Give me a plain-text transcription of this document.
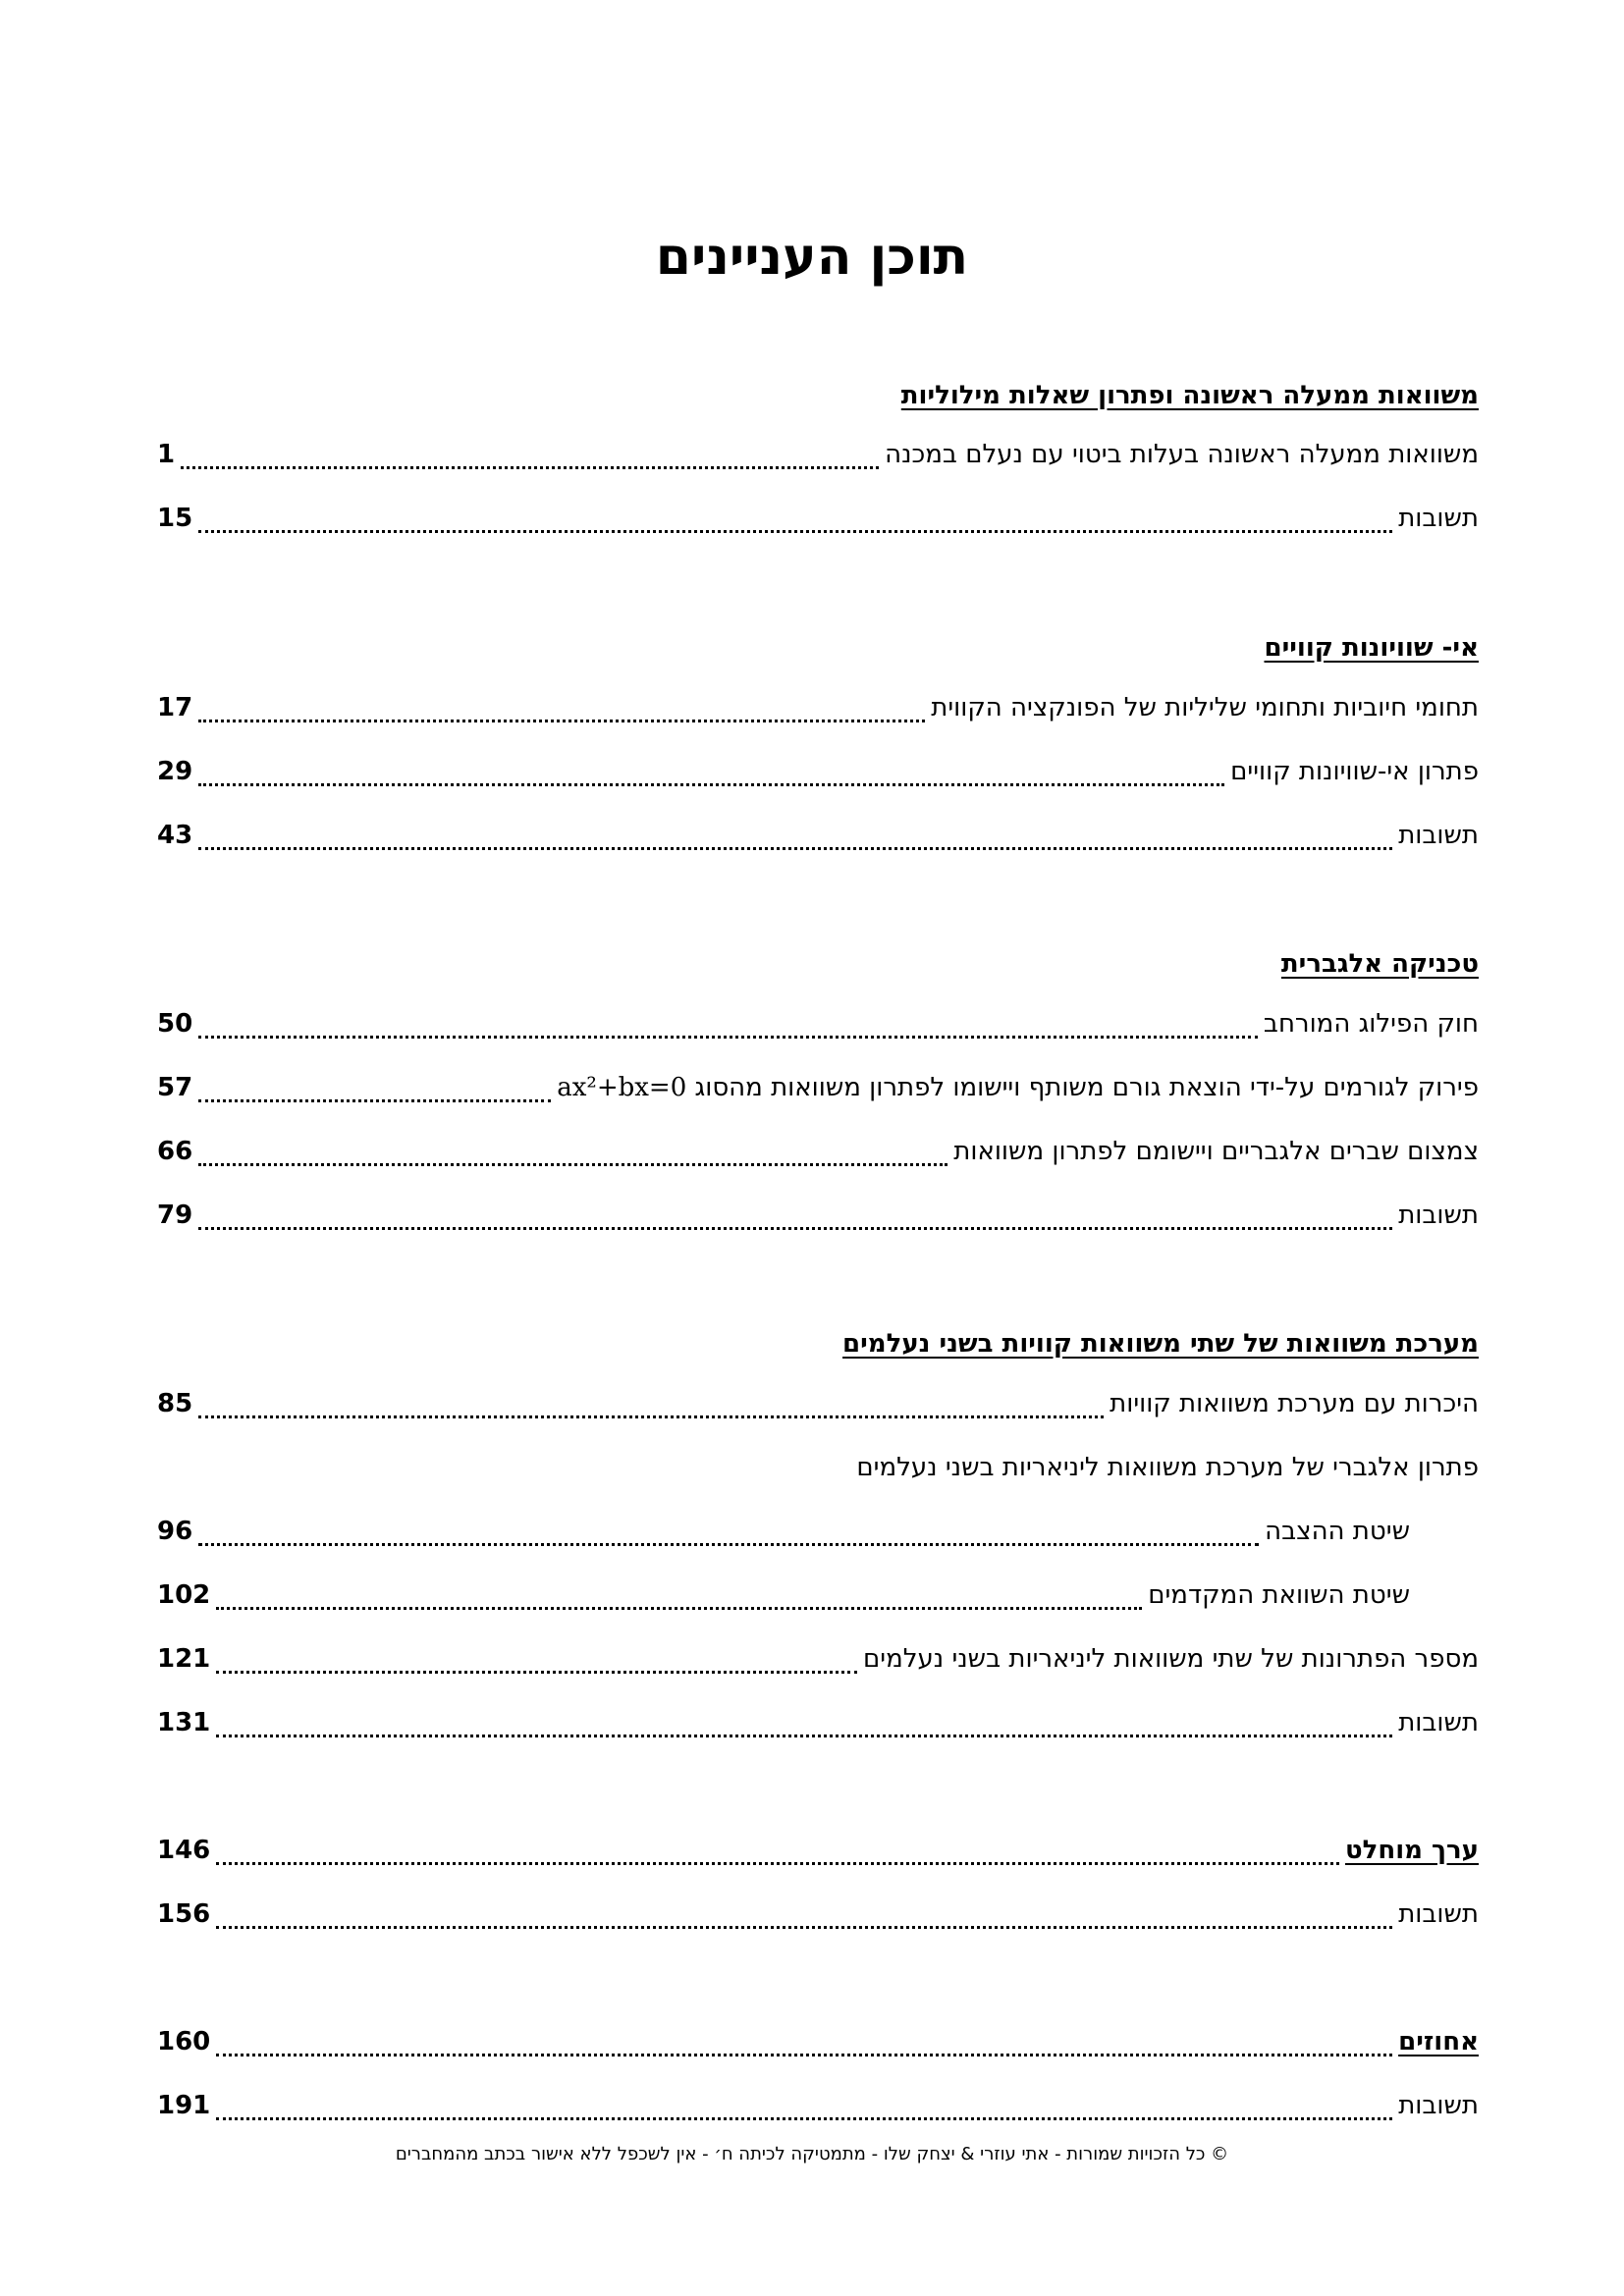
תוכן העניינים
משוואות ממעלה ראשונה ופתרון שאלות מילוליות
משוואות ממעלה ראשונה בעלות ביטוי עם נעלם במכנה
1
תשובות
15
אי- שוויונות קוויים
תחומי חיוביות ותחומי שליליות של הפונקציה הקווית
17
פתרון אי-שוויונות קוויים
29
תשובות
43
טכניקה אלגברית
חוק הפילוג המורחב
50
פירוק לגורמים על-ידי הוצאת גורם משותף ויישומו לפתרון משוואות מהסוג ax²+bx=0
57
צמצום שברים אלגבריים ויישומם לפתרון משוואות
66
תשובות
79
מערכת משוואות של שתי משוואות קוויות בשני נעלמים
היכרות עם מערכת משוואות קוויות
85
פתרון אלגברי של מערכת משוואות ליניאריות בשני נעלמים
שיטת ההצבה
96
שיטת השוואת המקדמים
102
מספר הפתרונות של שתי משוואות ליניאריות בשני נעלמים
121
תשובות
131
ערך מוחלט
146
תשובות
156
אחוזים
160
תשובות
191
© כל הזכויות שמורות - אתי עוזרי & יצחק שלו - מתמטיקה לכיתה ח׳ - אין לשכפל ללא אישור בכתב מהמחברים
